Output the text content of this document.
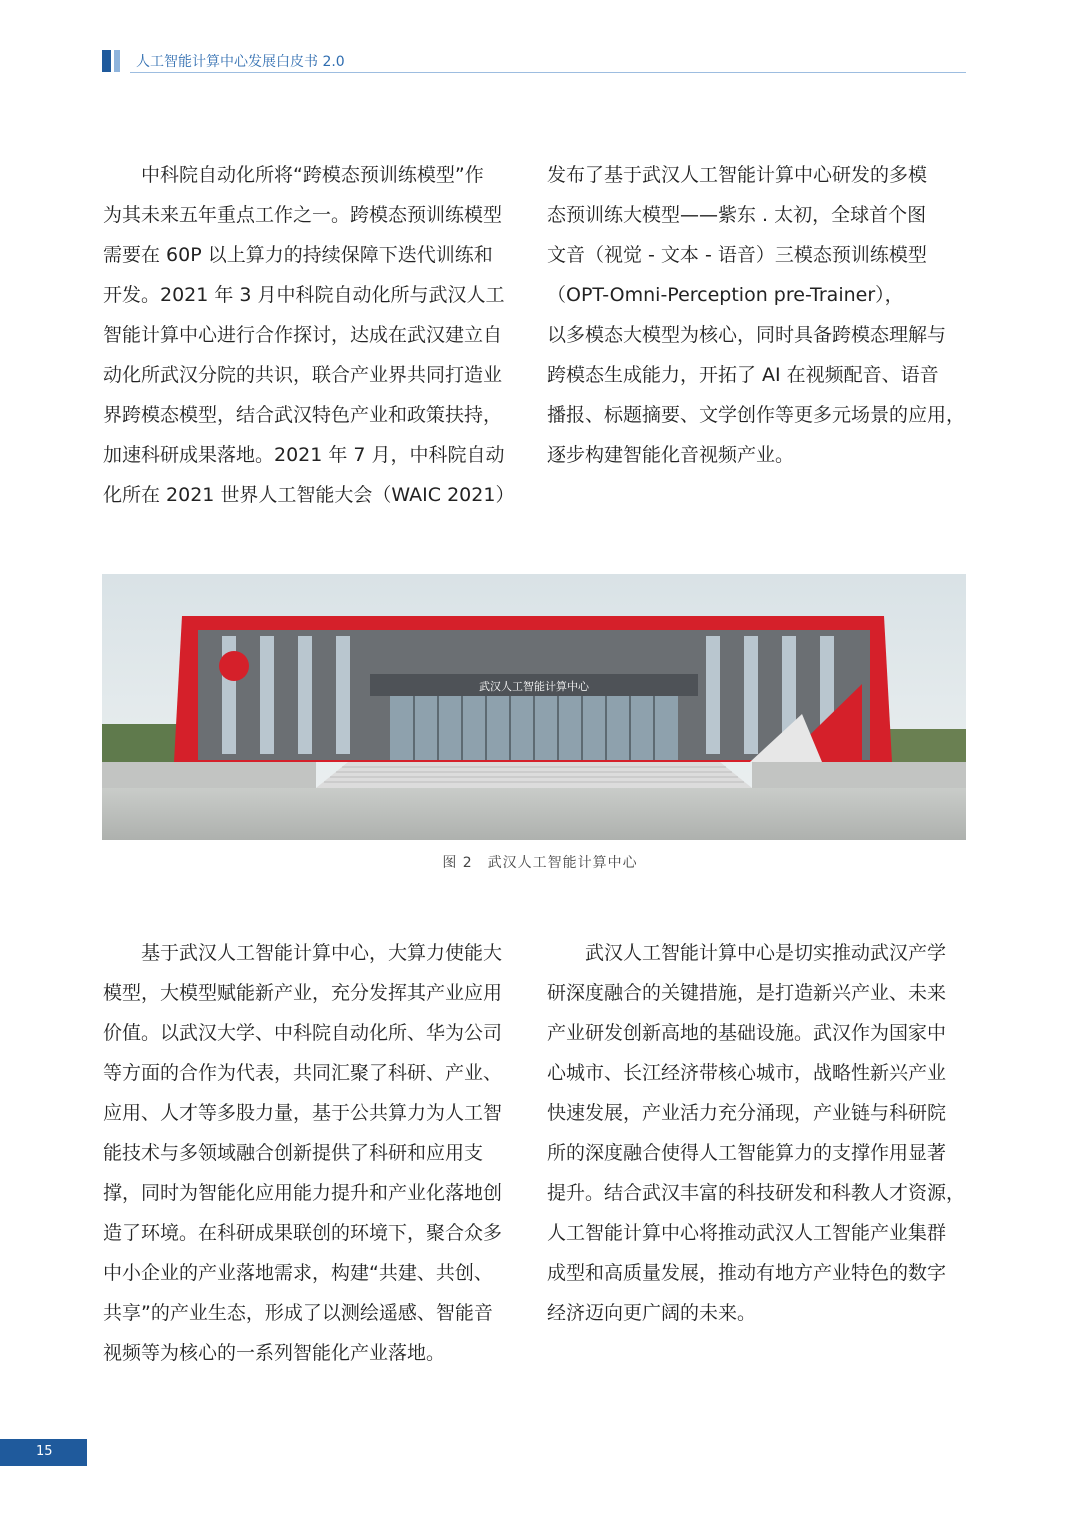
人工智能计算中心发展白皮书 2.0
　　中科院自动化所将“跨模态预训练模型”作
为其未来五年重点工作之一。跨模态预训练模型
需要在 60P 以上算力的持续保障下迭代训练和
开发。2021 年 3 月中科院自动化所与武汉人工
智能计算中心进行合作探讨，达成在武汉建立自
动化所武汉分院的共识，联合产业界共同打造业
界跨模态模型，结合武汉特色产业和政策扶持，
加速科研成果落地。2021 年 7 月，中科院自动
化所在 2021 世界人工智能大会（WAIC 2021）
发布了基于武汉人工智能计算中心研发的多模
态预训练大模型——紫东 . 太初，全球首个图
文音（视觉 - 文本 - 语音）三模态预训练模型
（OPT-Omni-Perception pre-Trainer），
以多模态大模型为核心，同时具备跨模态理解与
跨模态生成能力，开拓了 AI 在视频配音、语音
播报、标题摘要、文学创作等更多元场景的应用，
逐步构建智能化音视频产业。
武汉人工智能计算中心
图 2　武汉人工智能计算中心
　　基于武汉人工智能计算中心，大算力使能大
模型，大模型赋能新产业，充分发挥其产业应用
价值。以武汉大学、中科院自动化所、华为公司
等方面的合作为代表，共同汇聚了科研、产业、
应用、人才等多股力量，基于公共算力为人工智
能技术与多领域融合创新提供了科研和应用支
撑，同时为智能化应用能力提升和产业化落地创
造了环境。在科研成果联创的环境下，聚合众多
中小企业的产业落地需求，构建“共建、共创、
共享”的产业生态，形成了以测绘遥感、智能音
视频等为核心的一系列智能化产业落地。
　　武汉人工智能计算中心是切实推动武汉产学
研深度融合的关键措施，是打造新兴产业、未来
产业研发创新高地的基础设施。武汉作为国家中
心城市、长江经济带核心城市，战略性新兴产业
快速发展，产业活力充分涌现，产业链与科研院
所的深度融合使得人工智能算力的支撑作用显著
提升。结合武汉丰富的科技研发和科教人才资源，
人工智能计算中心将推动武汉人工智能产业集群
成型和高质量发展，推动有地方产业特色的数字
经济迈向更广阔的未来。
15
